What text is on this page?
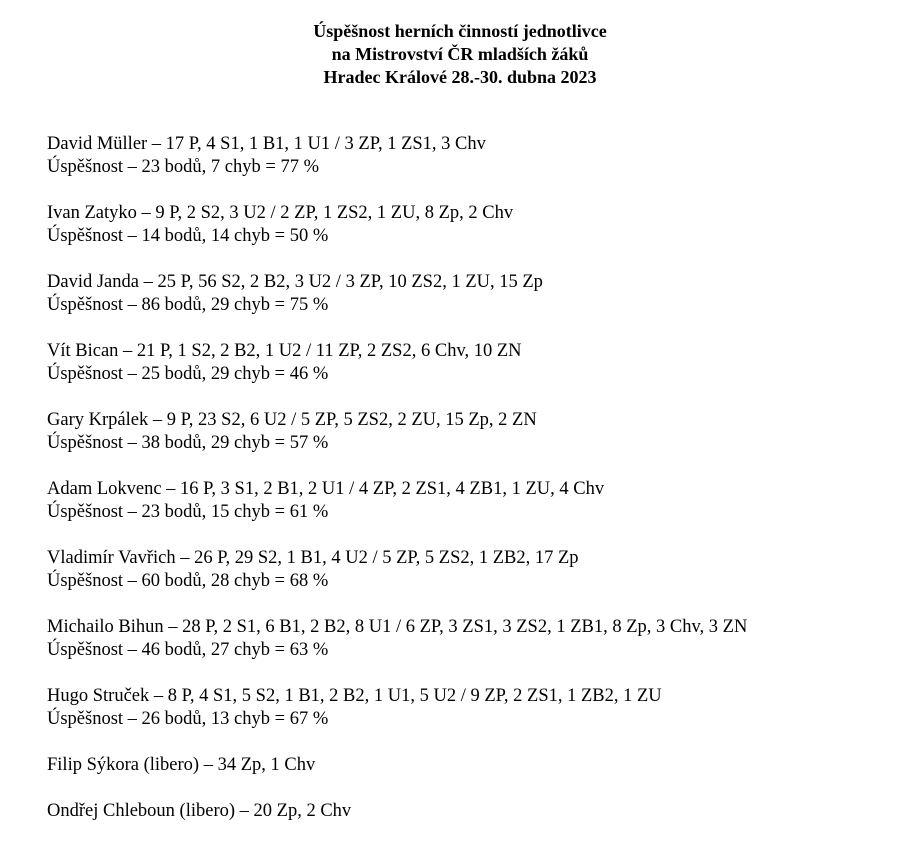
Úspěšnost herních činností jednotlivce
na Mistrovství ČR mladších žáků
Hradec Králové 28.-30. dubna 2023
David Müller – 17 P, 4 S1, 1 B1, 1 U1 / 3 ZP, 1 ZS1, 3 Chv
Úspěšnost – 23 bodů, 7 chyb = 77 %
Ivan Zatyko – 9 P, 2 S2, 3 U2 / 2 ZP, 1 ZS2, 1 ZU, 8 Zp, 2 Chv
Úspěšnost – 14 bodů, 14 chyb = 50 %
David Janda – 25 P, 56 S2, 2 B2, 3 U2 / 3 ZP, 10 ZS2, 1 ZU, 15 Zp
Úspěšnost – 86 bodů, 29 chyb = 75 %
Vít Bican – 21 P, 1 S2, 2 B2, 1 U2 / 11 ZP, 2 ZS2, 6 Chv, 10 ZN
Úspěšnost – 25 bodů, 29 chyb = 46 %
Gary Krpálek – 9 P, 23 S2, 6 U2 / 5 ZP, 5 ZS2, 2 ZU, 15 Zp, 2 ZN
Úspěšnost – 38 bodů, 29 chyb = 57 %
Adam Lokvenc – 16 P, 3 S1, 2 B1, 2 U1 / 4 ZP, 2 ZS1, 4 ZB1, 1 ZU, 4 Chv
Úspěšnost – 23 bodů, 15 chyb = 61 %
Vladimír Vavřich – 26 P, 29 S2, 1 B1, 4 U2 / 5 ZP, 5 ZS2, 1 ZB2, 17 Zp
Úspěšnost – 60 bodů, 28 chyb = 68 %
Michailo Bihun – 28 P, 2 S1, 6 B1, 2 B2, 8 U1 / 6 ZP, 3 ZS1, 3 ZS2, 1 ZB1, 8 Zp, 3 Chv, 3 ZN
Úspěšnost – 46 bodů, 27 chyb = 63 %
Hugo Struček – 8 P, 4 S1, 5 S2, 1 B1, 2 B2, 1 U1, 5 U2 / 9 ZP, 2 ZS1, 1 ZB2, 1 ZU
Úspěšnost – 26 bodů, 13 chyb = 67 %
Filip Sýkora (libero) – 34 Zp, 1 Chv
Ondřej Chleboun (libero) – 20 Zp, 2 Chv
